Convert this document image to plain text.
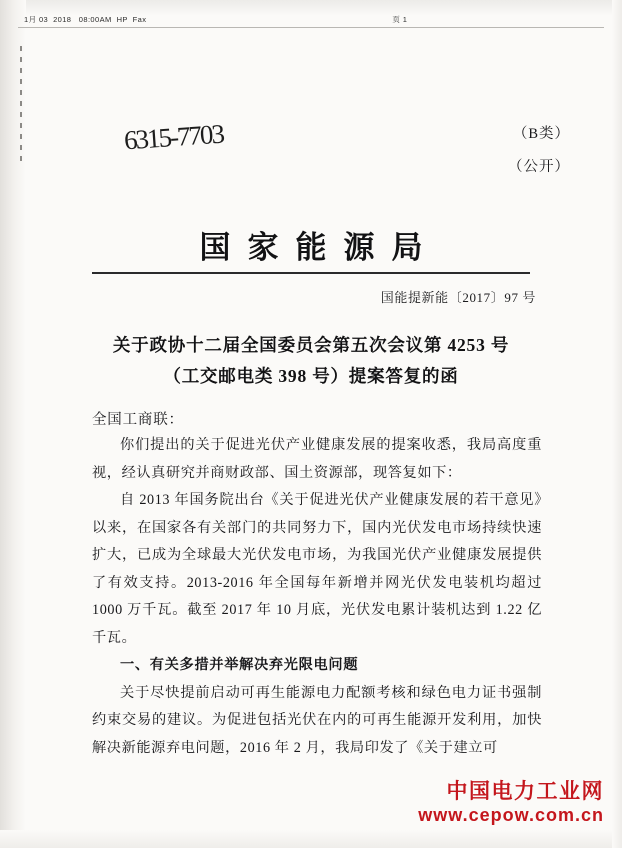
1月 03  2018   08:00AM  HP  Fax	页 1
6315-7703	（B类）
（公开）
国家能源局
国能提新能〔2017〕97 号
关于政协十二届全国委员会第五次会议第 4253 号
（工交邮电类 398 号）提案答复的函
全国工商联：

你们提出的关于促进光伏产业健康发展的提案收悉，我局高度重视，经认真研究并商财政部、国土资源部，现答复如下：

自 2013 年国务院出台《关于促进光伏产业健康发展的若干意见》以来，在国家各有关部门的共同努力下，国内光伏发电市场持续快速扩大，已成为全球最大光伏发电市场，为我国光伏产业健康发展提供了有效支持。2013-2016 年全国每年新增并网光伏发电装机均超过 1000 万千瓦。截至 2017 年 10 月底，光伏发电累计装机达到 1.22 亿千瓦。

一、有关多措并举解决弃光限电问题

关于尽快提前启动可再生能源电力配额考核和绿色电力证书强制约束交易的建议。为促进包括光伏在内的可再生能源开发利用，加快解决新能源弃电问题，2016 年 2 月，我局印发了《关于建立可

中国电力工业网
www.cepow.com.cn
